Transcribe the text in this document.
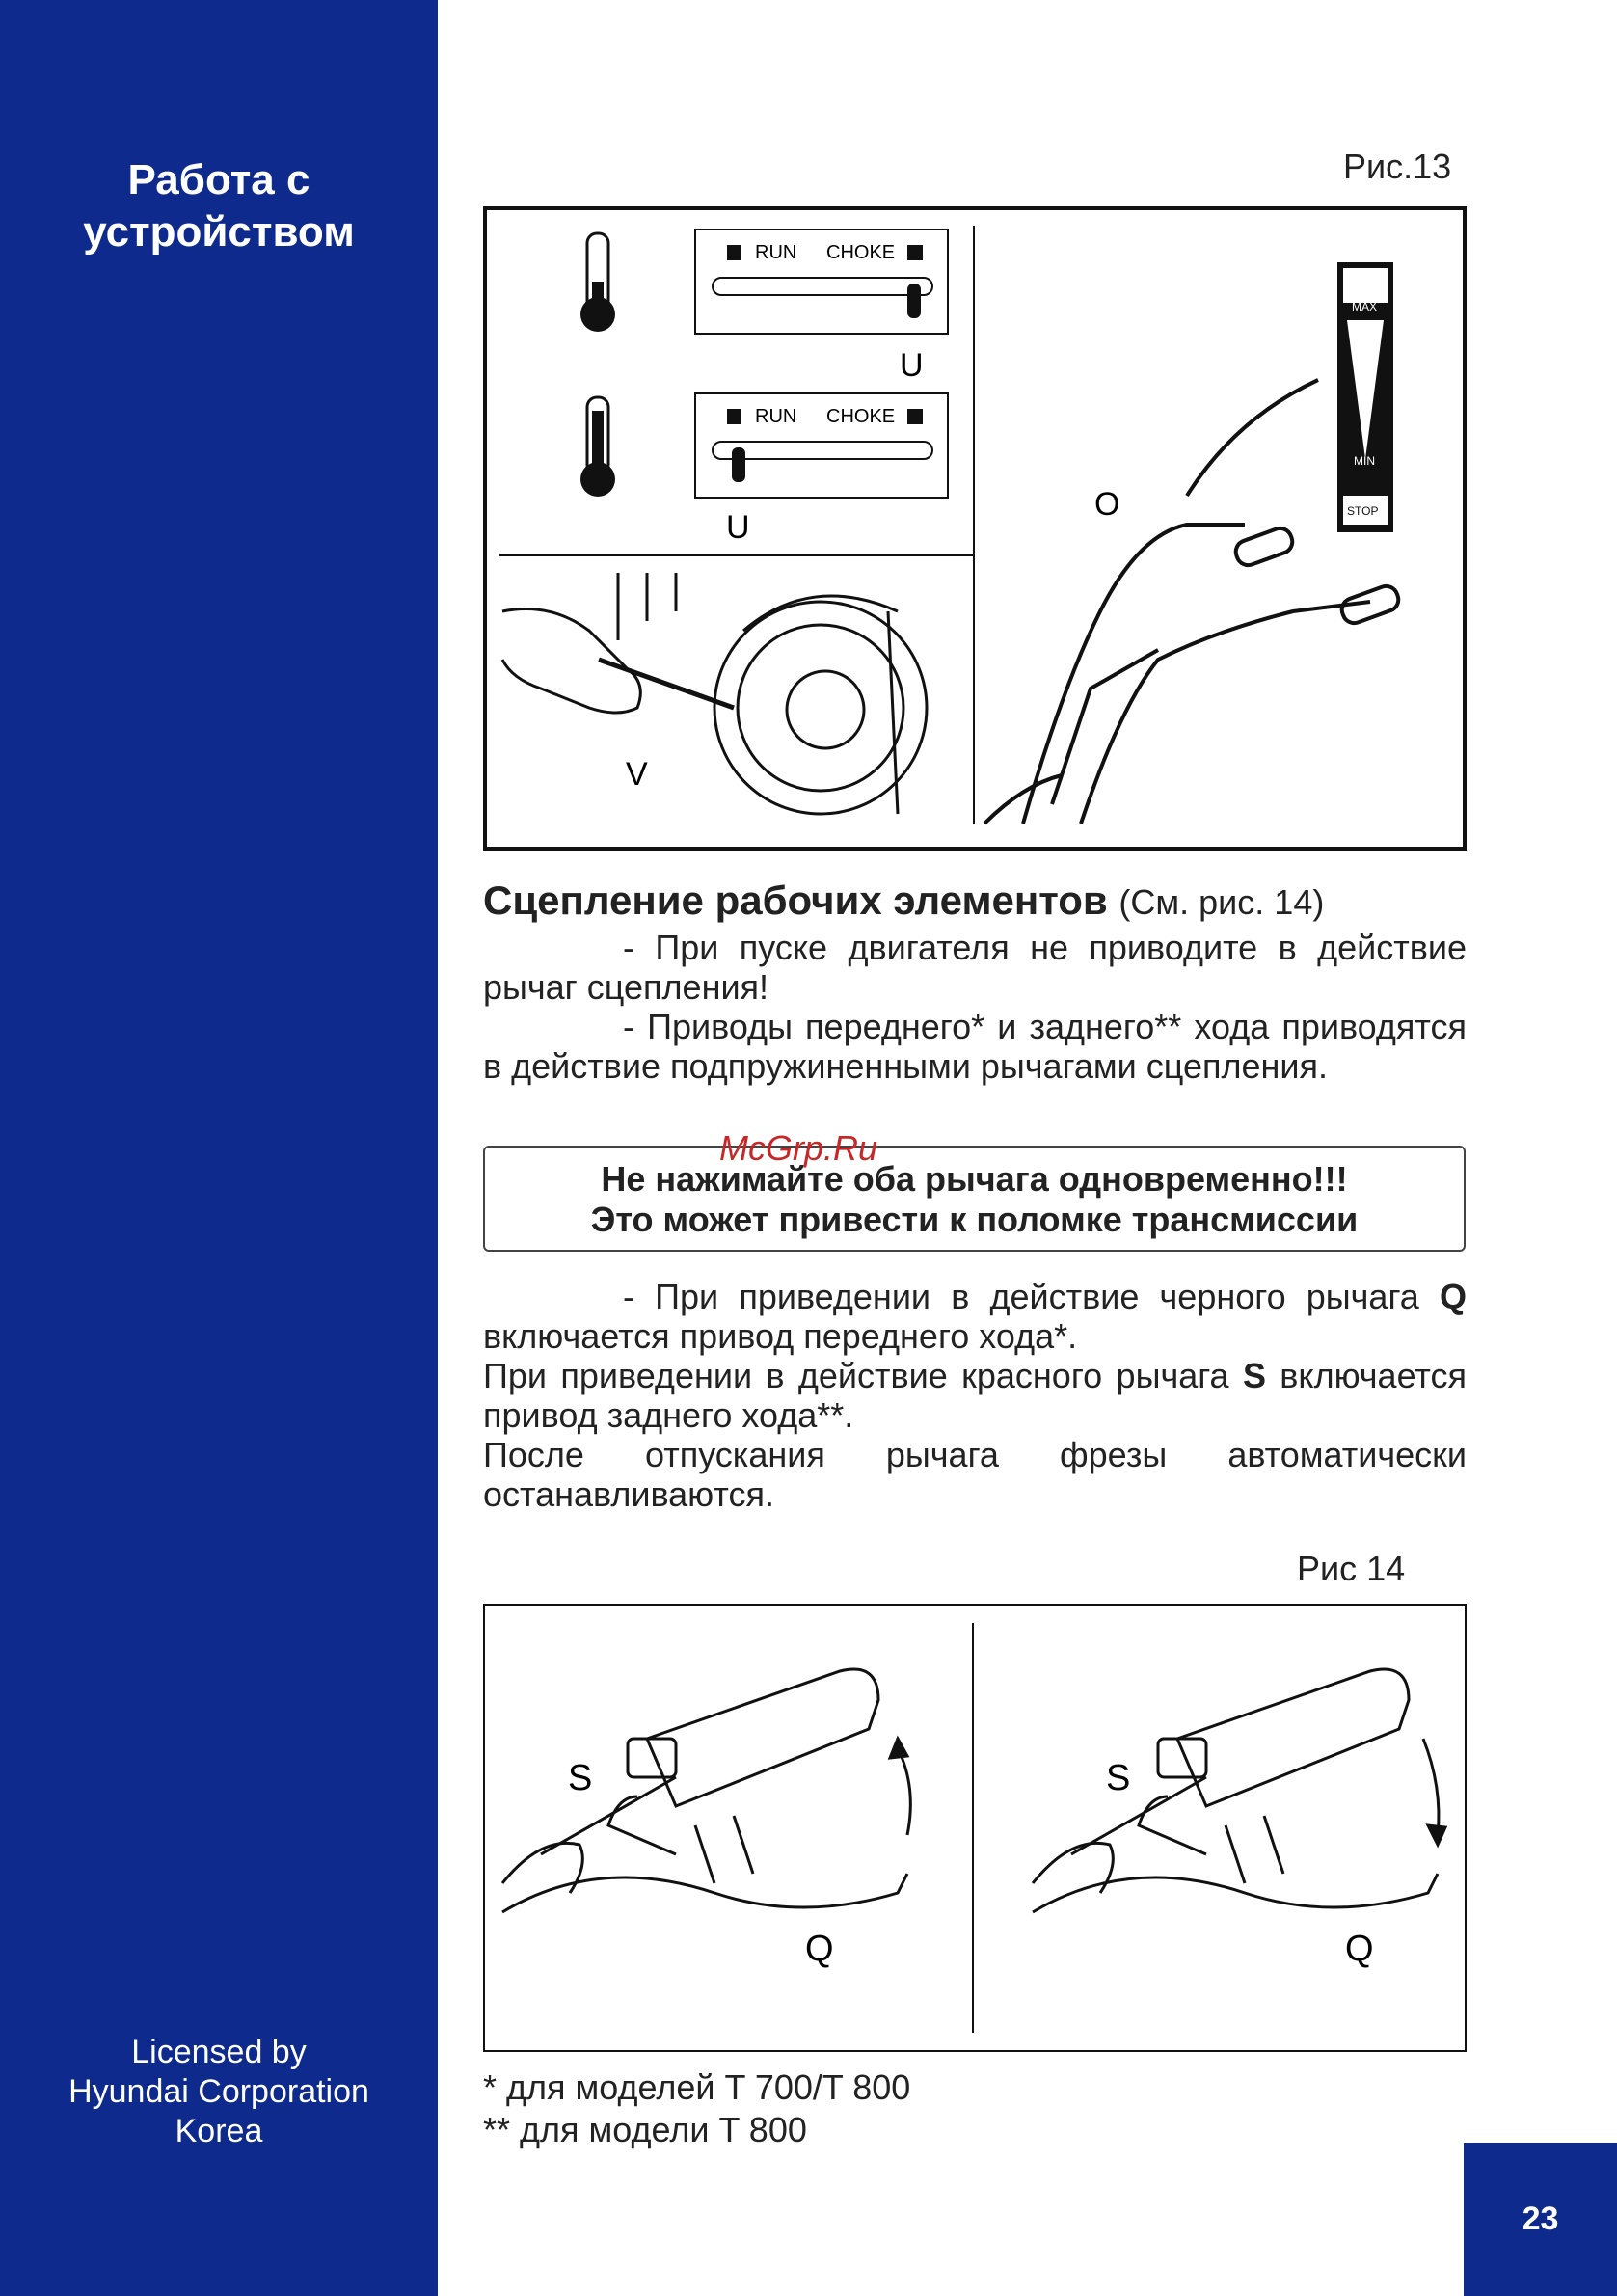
Работа с
устройством
Licensed by
Hyundai Corporation
Korea
Рис.13
RUN CHOKE
U
RUN CHOKE
U
V
MAX
MIN
STOP
O
Сцепление рабочих элементов (См. рис. 14)
- При пуске двигателя не приводите в действие рычаг сцепления!
- Приводы переднего* и заднего** хода приводятся в действие подпружиненными рычагами сцепления.
Не нажимайте оба рычага одновременно!!!
Это может привести к поломке трансмиссии
McGrp.Ru
- При приведении в действие черного рычага Q включается привод переднего хода*.
При приведении в действие красного рычага S включается привод заднего хода**.
После отпускания рычага фрезы автоматически останавливаются.
Рис 14
S
Q
S
Q
* для моделей T 700/T 800
** для модели T 800
23
